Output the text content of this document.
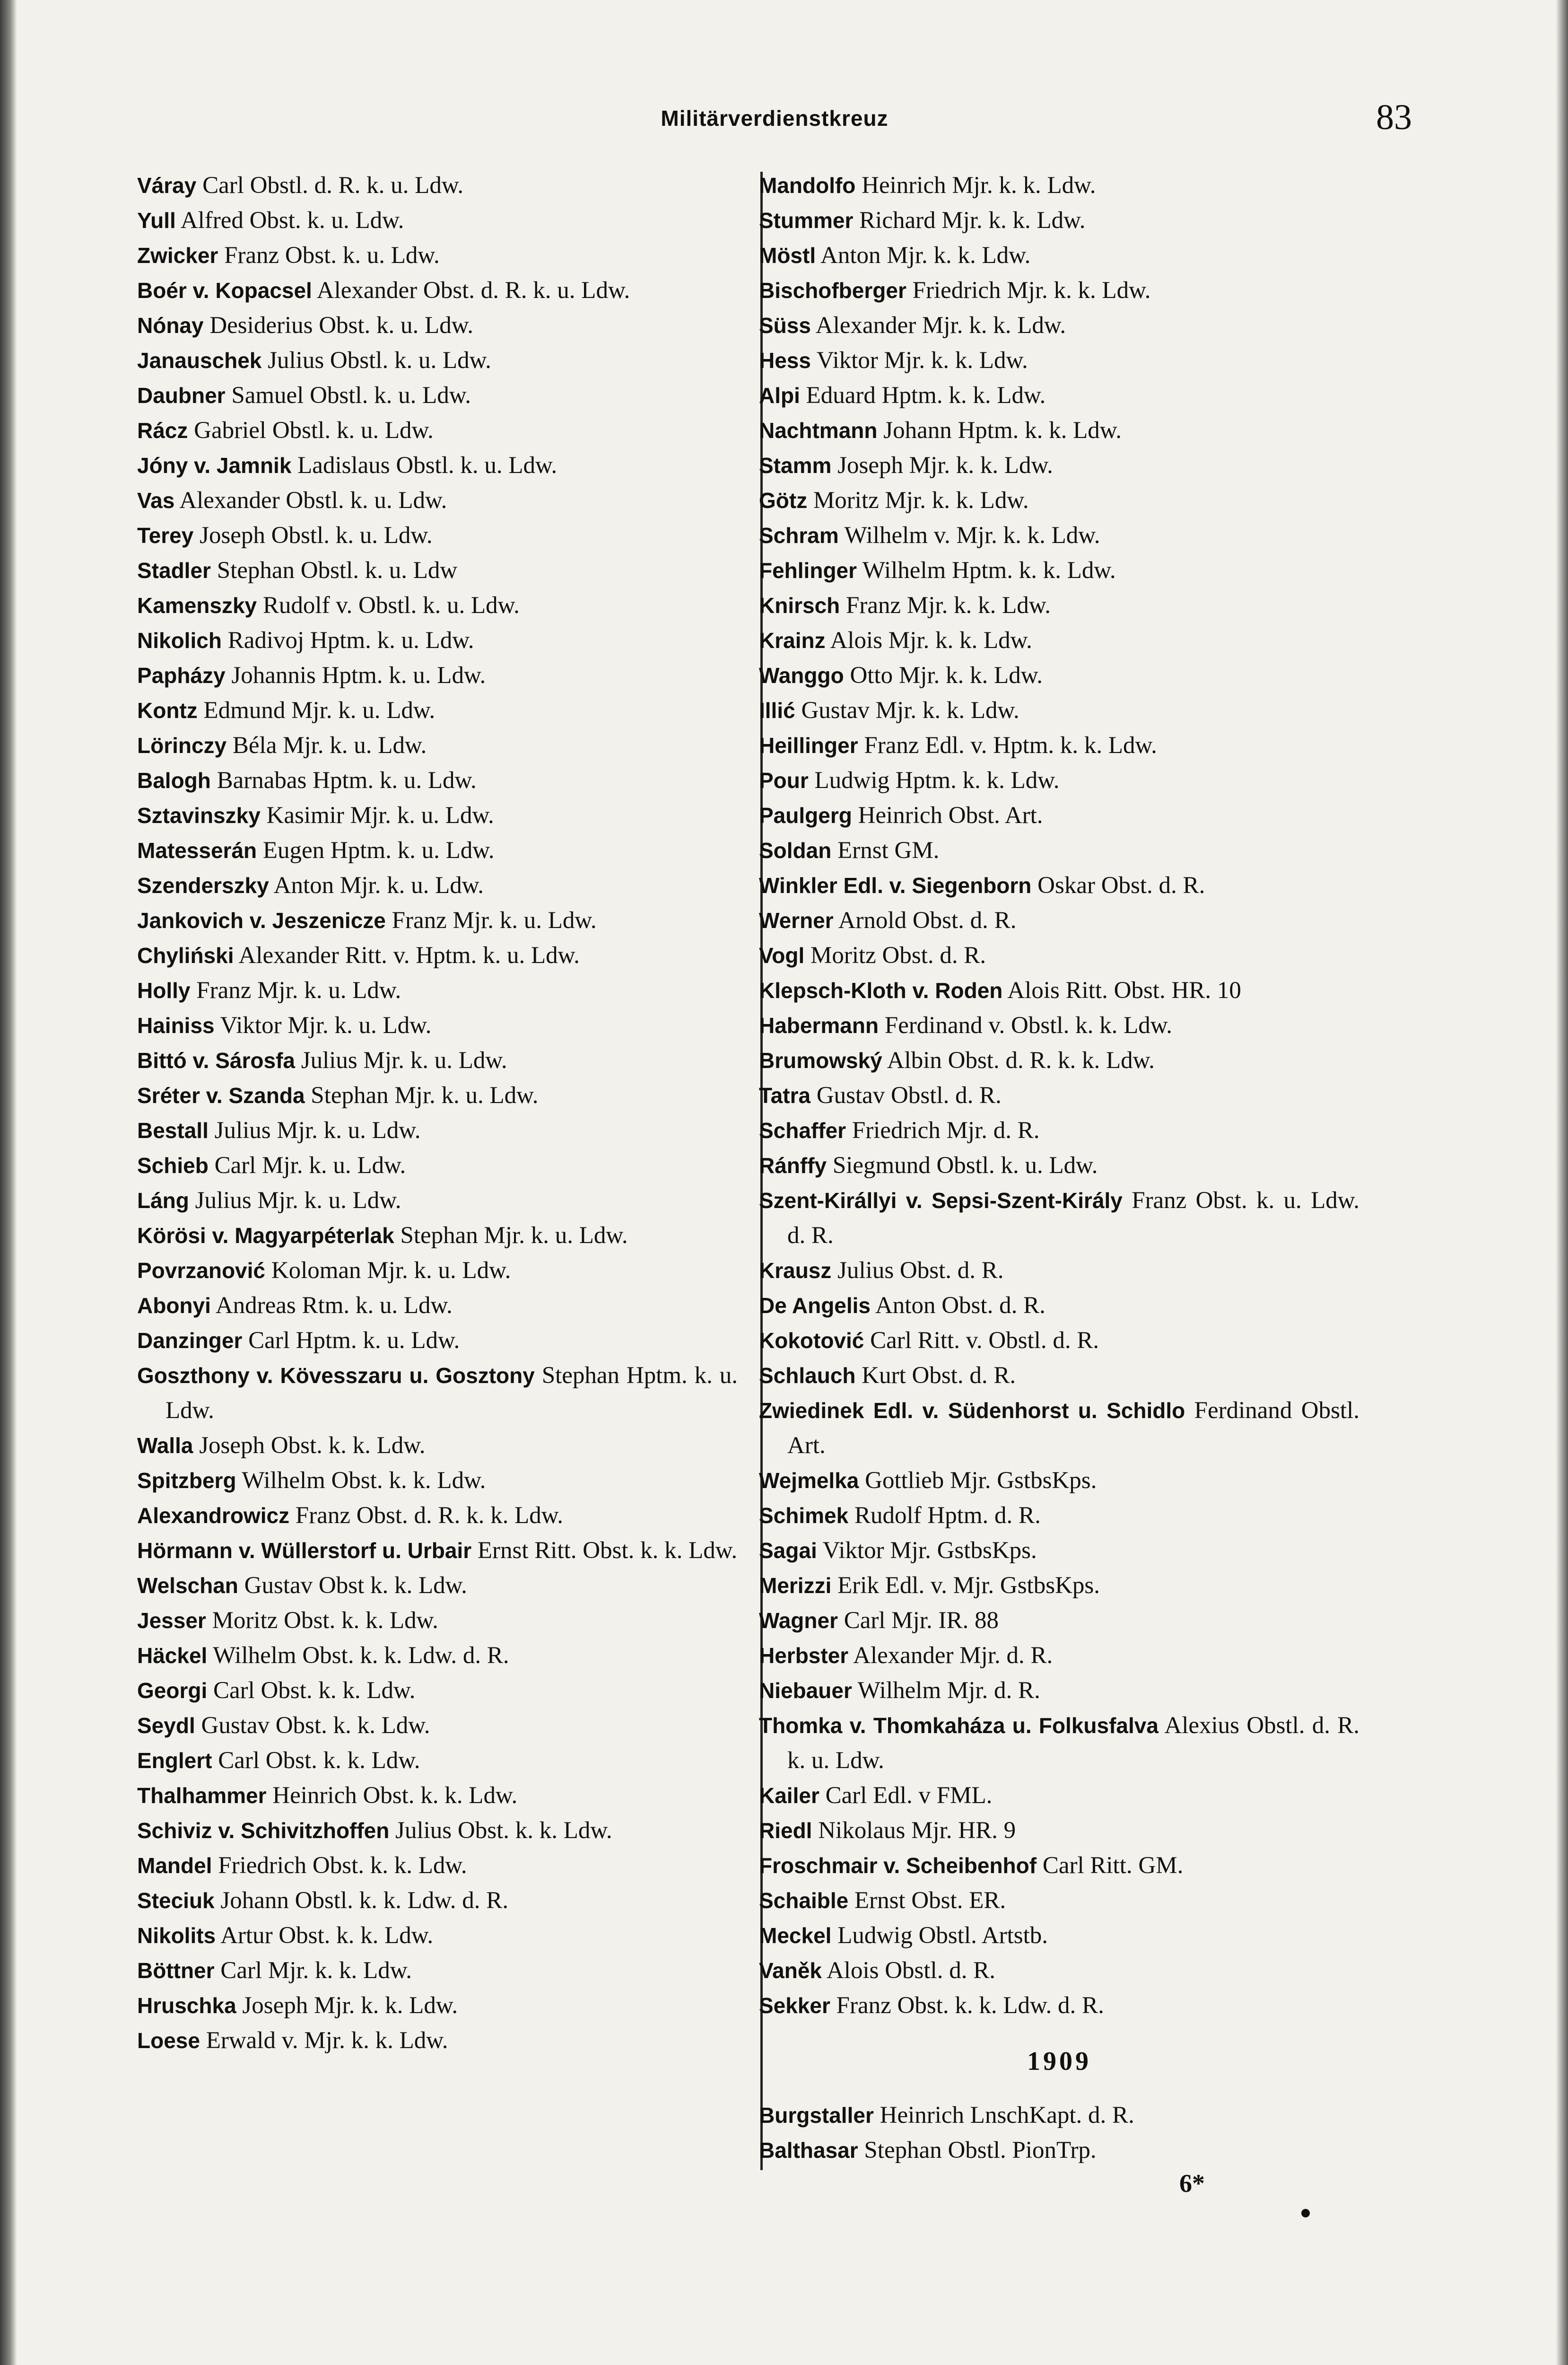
Militärverdienstkreuz	83
Váray Carl Obstl. d. R. k. u. Ldw.
Yull Alfred Obst. k. u. Ldw.
Zwicker Franz Obst. k. u. Ldw.
Boér v. Kopacsel Alexander Obst. d. R. k. u. Ldw.
Nónay Desiderius Obst. k. u. Ldw.
Janauschek Julius Obstl. k. u. Ldw.
Daubner Samuel Obstl. k. u. Ldw.
Rácz Gabriel Obstl. k. u. Ldw.
Jóny v. Jamnik Ladislaus Obstl. k. u. Ldw.
Vas Alexander Obstl. k. u. Ldw.
Terey Joseph Obstl. k. u. Ldw.
Stadler Stephan Obstl. k. u. Ldw
Kamenszky Rudolf v. Obstl. k. u. Ldw.
Nikolich Radivoj Hptm. k. u. Ldw.
Papházy Johannis Hptm. k. u. Ldw.
Kontz Edmund Mjr. k. u. Ldw.
Lörinczy Béla Mjr. k. u. Ldw.
Balogh Barnabas Hptm. k. u. Ldw.
Sztavinszky Kasimir Mjr. k. u. Ldw.
Matesserán Eugen Hptm. k. u. Ldw.
Szenderszky Anton Mjr. k. u. Ldw.
Jankovich v. Jeszenicze Franz Mjr. k. u. Ldw.
Chyliński Alexander Ritt. v. Hptm. k. u. Ldw.
Holly Franz Mjr. k. u. Ldw.
Hainiss Viktor Mjr. k. u. Ldw.
Bittó v. Sárosfa Julius Mjr. k. u. Ldw.
Sréter v. Szanda Stephan Mjr. k. u. Ldw.
Bestall Julius Mjr. k. u. Ldw.
Schieb Carl Mjr. k. u. Ldw.
Láng Julius Mjr. k. u. Ldw.
Körösi v. Magyarpéterlak Stephan Mjr. k. u. Ldw.
Povrzanović Koloman Mjr. k. u. Ldw.
Abonyi Andreas Rtm. k. u. Ldw.
Danzinger Carl Hptm. k. u. Ldw.
Goszthony v. Kövesszaru u. Gosztony Stephan Hptm. k. u. Ldw.
Walla Joseph Obst. k. k. Ldw.
Spitzberg Wilhelm Obst. k. k. Ldw.
Alexandrowicz Franz Obst. d. R. k. k. Ldw.
Hörmann v. Wüllerstorf u. Urbair Ernst Ritt. Obst. k. k. Ldw.
Welschan Gustav Obst k. k. Ldw.
Jesser Moritz Obst. k. k. Ldw.
Häckel Wilhelm Obst. k. k. Ldw. d. R.
Georgi Carl Obst. k. k. Ldw.
Seydl Gustav Obst. k. k. Ldw.
Englert Carl Obst. k. k. Ldw.
Thalhammer Heinrich Obst. k. k. Ldw.
Schiviz v. Schivitzhoffen Julius Obst. k. k. Ldw.
Mandel Friedrich Obst. k. k. Ldw.
Steciuk Johann Obstl. k. k. Ldw. d. R.
Nikolits Artur Obst. k. k. Ldw.
Böttner Carl Mjr. k. k. Ldw.
Hruschka Joseph Mjr. k. k. Ldw.
Loese Erwald v. Mjr. k. k. Ldw.
Mandolfo Heinrich Mjr. k. k. Ldw.
Stummer Richard Mjr. k. k. Ldw.
Möstl Anton Mjr. k. k. Ldw.
Bischofberger Friedrich Mjr. k. k. Ldw.
Süss Alexander Mjr. k. k. Ldw.
Hess Viktor Mjr. k. k. Ldw.
Alpi Eduard Hptm. k. k. Ldw.
Nachtmann Johann Hptm. k. k. Ldw.
Stamm Joseph Mjr. k. k. Ldw.
Götz Moritz Mjr. k. k. Ldw.
Schram Wilhelm v. Mjr. k. k. Ldw.
Fehlinger Wilhelm Hptm. k. k. Ldw.
Knirsch Franz Mjr. k. k. Ldw.
Krainz Alois Mjr. k. k. Ldw.
Wanggo Otto Mjr. k. k. Ldw.
Illić Gustav Mjr. k. k. Ldw.
Heillinger Franz Edl. v. Hptm. k. k. Ldw.
Pour Ludwig Hptm. k. k. Ldw.
Paulgerg Heinrich Obst. Art.
Soldan Ernst GM.
Winkler Edl. v. Siegenborn Oskar Obst. d. R.
Werner Arnold Obst. d. R.
Vogl Moritz Obst. d. R.
Klepsch-Kloth v. Roden Alois Ritt. Obst. HR. 10
Habermann Ferdinand v. Obstl. k. k. Ldw.
Brumowský Albin Obst. d. R. k. k. Ldw.
Tatra Gustav Obstl. d. R.
Schaffer Friedrich Mjr. d. R.
Ránffy Siegmund Obstl. k. u. Ldw.
Szent-Királlyi v. Sepsi-Szent-Király Franz Obst. k. u. Ldw. d. R.
Krausz Julius Obst. d. R.
De Angelis Anton Obst. d. R.
Kokotović Carl Ritt. v. Obstl. d. R.
Schlauch Kurt Obst. d. R.
Zwiedinek Edl. v. Südenhorst u. Schidlo Ferdinand Obstl. Art.
Wejmelka Gottlieb Mjr. GstbsKps.
Schimek Rudolf Hptm. d. R.
Sagai Viktor Mjr. GstbsKps.
Merizzi Erik Edl. v. Mjr. GstbsKps.
Wagner Carl Mjr. IR. 88
Herbster Alexander Mjr. d. R.
Niebauer Wilhelm Mjr. d. R.
Thomka v. Thomkaháza u. Folkusfalva Alexius Obstl. d. R. k. u. Ldw.
Kailer Carl Edl. v FML.
Riedl Nikolaus Mjr. HR. 9
Froschmair v. Scheibenhof Carl Ritt. GM.
Schaible Ernst Obst. ER.
Meckel Ludwig Obstl. Artstb.
Vaněk Alois Obstl. d. R.
Sekker Franz Obst. k. k. Ldw. d. R.
1909
Burgstaller Heinrich LnschKapt. d. R.
Balthasar Stephan Obstl. PionTrp.
6*
